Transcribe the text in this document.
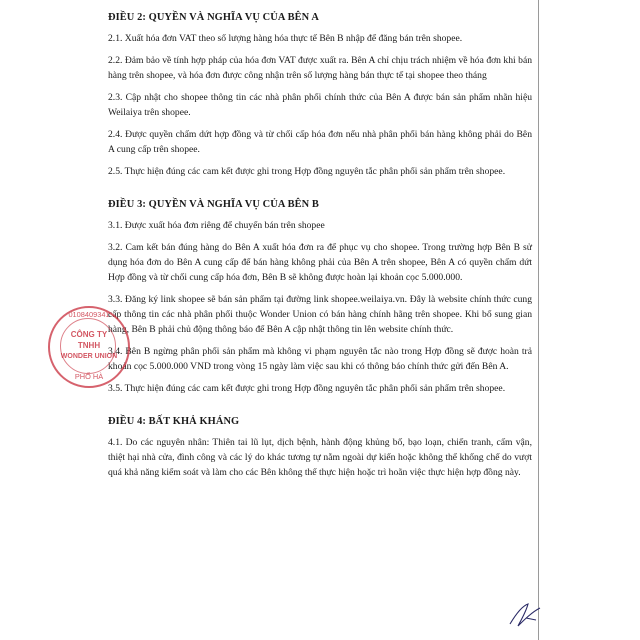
ĐIỀU 2: QUYỀN VÀ NGHĨA VỤ CỦA BÊN A

2.1. Xuất hóa đơn VAT theo số lượng hàng hóa thực tế Bên B nhập để đăng bán trên shopee.

2.2. Đảm bảo về tính hợp pháp của hóa đơn VAT được xuất ra. Bên A chỉ chịu trách nhiệm về hóa đơn khi bán hàng trên shopee, và hóa đơn được công nhận trên số lượng hàng bán thực tế tại shopee theo tháng

2.3. Cập nhật cho shopee thông tin các nhà phân phối chính thức của Bên A được bán sản phẩm nhãn hiệu Weilaiya trên shopee.

2.4. Được quyền chấm dứt hợp đồng và từ chối cấp hóa đơn nếu nhà phân phối bán hàng không phải do Bên A cung cấp trên shopee.

2.5. Thực hiện đúng các cam kết được ghi trong Hợp đồng nguyên tắc phân phối sản phẩm trên shopee.

ĐIỀU 3: QUYỀN VÀ NGHĨA VỤ CỦA BÊN B

3.1. Được xuất hóa đơn riêng để chuyển bán trên shopee

3.2. Cam kết bán đúng hàng do Bên A xuất hóa đơn ra để phục vụ cho shopee. Trong trường hợp Bên B sử dụng hóa đơn do Bên A cung cấp để bán hàng không phải của Bên A trên shopee, Bên A có quyền chấm dứt Hợp đồng và từ chối cung cấp hóa đơn, Bên B sẽ không được hoàn lại khoản cọc 5.000.000.

3.3. Đăng ký link shopee sẽ bán sản phẩm tại đường link shopee.weilaiya.vn. Đây là website chính thức cung cấp thông tin các nhà phân phối thuộc Wonder Union có bán hàng chính hãng trên shopee. Khi bổ sung gian hàng, Bên B phải chủ động thông báo để Bên A cập nhật thông tin lên website chính thức.

3.4. Bên B ngừng phân phối sản phẩm mà không vi phạm nguyên tắc nào trong Hợp đồng sẽ được hoàn trả khoản cọc 5.000.000 VND trong vòng 15 ngày làm việc sau khi có thông báo chính thức gửi đến Bên A.

3.5. Thực hiện đúng các cam kết được ghi trong Hợp đồng nguyên tắc phân phối sản phẩm trên shopee.

ĐIỀU 4: BẤT KHẢ KHÁNG

4.1. Do các nguyên nhân: Thiên tai lũ lụt, dịch bệnh, hành động khủng bố, bạo loạn, chiến tranh, cấm vận, thiệt hại nhà cửa, đình công và các lý do khác tương tự nằm ngoài dự kiến hoặc không thể khống chế do vượt quá khả năng kiểm soát và làm cho các Bên không thể thực hiện hoặc trì hoãn việc thực hiện hợp đồng này.

0108409341
CÔNG TY
TNHH
WONDER UNION
PHỐ HÀ
